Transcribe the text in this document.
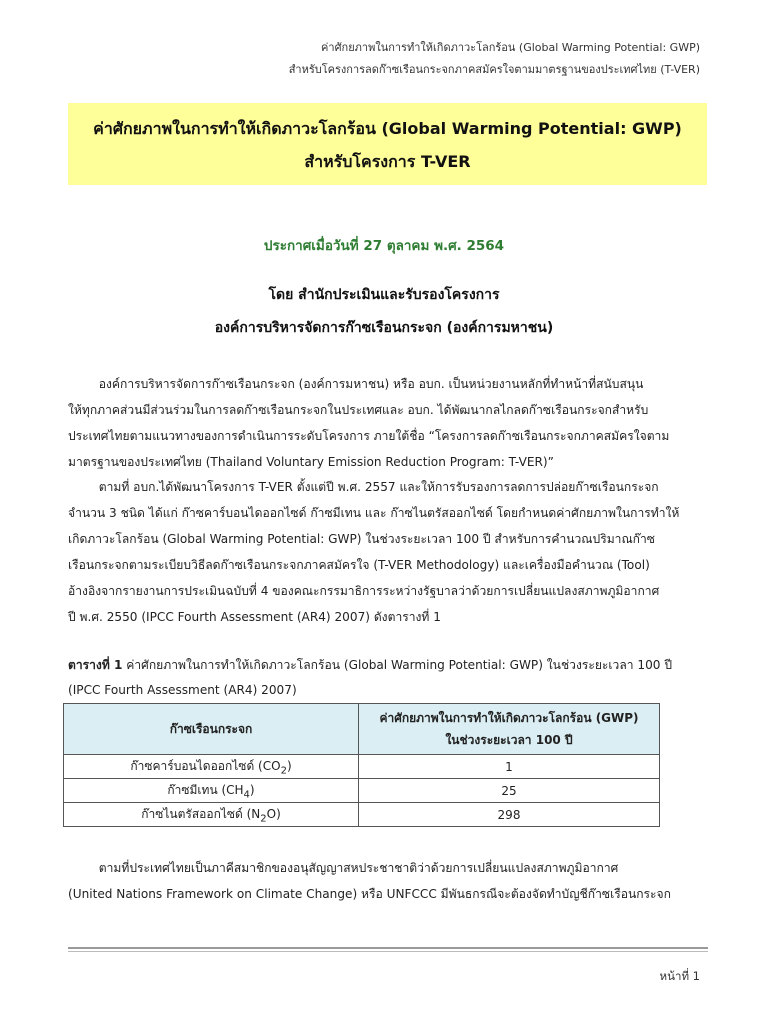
ค่าศักยภาพในการทำให้เกิดภาวะโลกร้อน (Global Warming Potential: GWP)
สำหรับโครงการลดก๊าซเรือนกระจกภาคสมัครใจตามมาตรฐานของประเทศไทย (T-VER)
ค่าศักยภาพในการทำให้เกิดภาวะโลกร้อน (Global Warming Potential: GWP)
สำหรับโครงการ T-VER
ประกาศเมื่อวันที่ 27 ตุลาคม พ.ศ. 2564
โดย สำนักประเมินและรับรองโครงการ
องค์การบริหารจัดการก๊าซเรือนกระจก (องค์การมหาชน)
องค์การบริหารจัดการก๊าซเรือนกระจก (องค์การมหาชน) หรือ อบก. เป็นหน่วยงานหลักที่ทำหน้าที่สนับสนุน
ให้ทุกภาคส่วนมีส่วนร่วมในการลดก๊าซเรือนกระจกในประเทศและ อบก. ได้พัฒนากลไกลดก๊าซเรือนกระจกสำหรับ
ประเทศไทยตามแนวทางของการดำเนินการระดับโครงการ ภายใต้ชื่อ “โครงการลดก๊าซเรือนกระจกภาคสมัครใจตาม
มาตรฐานของประเทศไทย (Thailand Voluntary Emission Reduction Program: T-VER)”
ตามที่ อบก.ได้พัฒนาโครงการ T-VER ตั้งแต่ปี พ.ศ. 2557 และให้การรับรองการลดการปล่อยก๊าซเรือนกระจก
จำนวน 3 ชนิด ได้แก่ ก๊าซคาร์บอนไดออกไซด์ ก๊าซมีเทน และ ก๊าซไนตรัสออกไซด์ โดยกำหนดค่าศักยภาพในการทำให้
เกิดภาวะโลกร้อน (Global Warming Potential: GWP) ในช่วงระยะเวลา 100 ปี สำหรับการคำนวณปริมาณก๊าซ
เรือนกระจกตามระเบียบวิธีลดก๊าซเรือนกระจกภาคสมัครใจ (T-VER Methodology) และเครื่องมือคำนวณ (Tool)
อ้างอิงจากรายงานการประเมินฉบับที่ 4 ของคณะกรรมาธิการระหว่างรัฐบาลว่าด้วยการเปลี่ยนแปลงสภาพภูมิอากาศ
ปี พ.ศ. 2550 (IPCC Fourth Assessment (AR4) 2007) ดังตารางที่ 1
ตารางที่ 1 ค่าศักยภาพในการทำให้เกิดภาวะโลกร้อน (Global Warming Potential: GWP) ในช่วงระยะเวลา 100 ปี
(IPCC Fourth Assessment (AR4) 2007)
ก๊าซเรือนกระจก	ค่าศักยภาพในการทำให้เกิดภาวะโลกร้อน (GWP)
ในช่วงระยะเวลา 100 ปี
ก๊าซคาร์บอนไดออกไซด์ $(CO_2)$	1
ก๊าซมีเทน $(CH_4)$	25
ก๊าซไนตรัสออกไซด์ $(N_2O)$	298
ตามที่ประเทศไทยเป็นภาคีสมาชิกของอนุสัญญาสหประชาชาติว่าด้วยการเปลี่ยนแปลงสภาพภูมิอากาศ
(United Nations Framework on Climate Change) หรือ UNFCCC มีพันธกรณีจะต้องจัดทำบัญชีก๊าซเรือนกระจก
หน้าที่ 1
